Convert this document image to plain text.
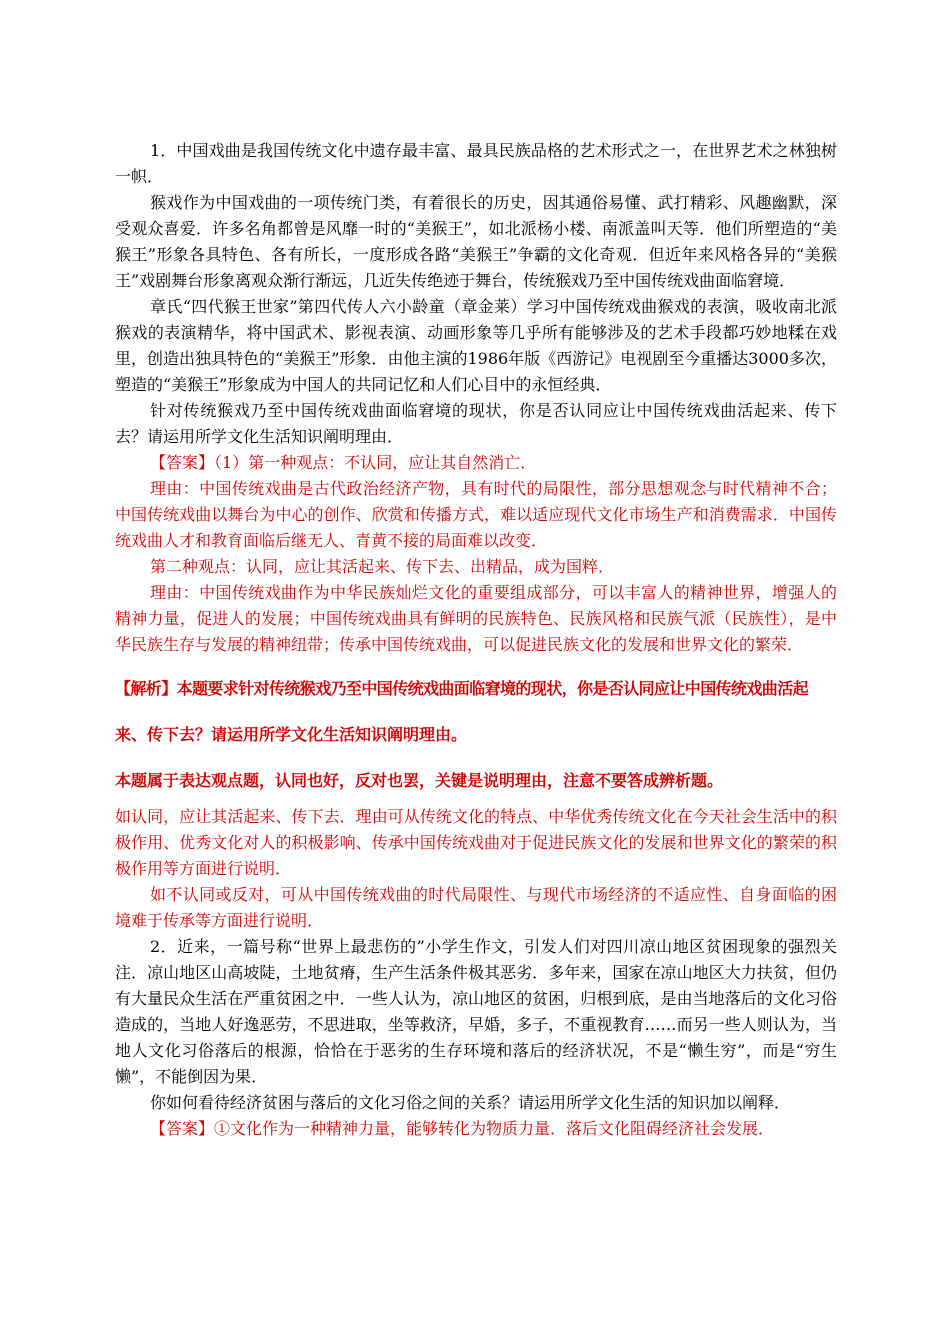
1．中国戏曲是我国传统文化中遗存最丰富、最具民族品格的艺术形式之一，在世界艺术之林独树一帜．

猴戏作为中国戏曲的一项传统门类，有着很长的历史，因其通俗易懂、武打精彩、风趣幽默，深受观众喜爱．许多名角都曾是风靡一时的“美猴王”，如北派杨小楼、南派盖叫天等．他们所塑造的“美猴王”形象各具特色、各有所长，一度形成各路“美猴王”争霸的文化奇观．但近年来风格各异的“美猴王”戏剧舞台形象离观众渐行渐远，几近失传绝迹于舞台，传统猴戏乃至中国传统戏曲面临窘境．

章氏“四代猴王世家”第四代传人六小龄童（章金莱）学习中国传统戏曲猴戏的表演，吸收南北派猴戏的表演精华，将中国武术、影视表演、动画形象等几乎所有能够涉及的艺术手段都巧妙地糅在戏里，创造出独具特色的“美猴王”形象．由他主演的1986年版《西游记》电视剧至今重播达3000多次，塑造的“美猴王”形象成为中国人的共同记忆和人们心目中的永恒经典．

针对传统猴戏乃至中国传统戏曲面临窘境的现状，你是否认同应让中国传统戏曲活起来、传下去？请运用所学文化生活知识阐明理由．

【答案】（1）第一种观点：不认同，应让其自然消亡．

理由：中国传统戏曲是古代政治经济产物，具有时代的局限性，部分思想观念与时代精神不合；中国传统戏曲以舞台为中心的创作、欣赏和传播方式，难以适应现代文化市场生产和消费需求．中国传统戏曲人才和教育面临后继无人、青黄不接的局面难以改变．

第二种观点：认同，应让其活起来、传下去、出精品，成为国粹．

理由：中国传统戏曲作为中华民族灿烂文化的重要组成部分，可以丰富人的精神世界，增强人的精神力量，促进人的发展；中国传统戏曲具有鲜明的民族特色、民族风格和民族气派（民族性），是中华民族生存与发展的精神纽带；传承中国传统戏曲，可以促进民族文化的发展和世界文化的繁荣．

【解析】本题要求针对传统猴戏乃至中国传统戏曲面临窘境的现状，你是否认同应让中国传统戏曲活起

来、传下去？请运用所学文化生活知识阐明理由。

本题属于表达观点题，认同也好，反对也罢，关键是说明理由，注意不要答成辨析题。

如认同，应让其活起来、传下去．理由可从传统文化的特点、中华优秀传统文化在今天社会生活中的积极作用、优秀文化对人的积极影响、传承中国传统戏曲对于促进民族文化的发展和世界文化的繁荣的积极作用等方面进行说明．

如不认同或反对，可从中国传统戏曲的时代局限性、与现代市场经济的不适应性、自身面临的困境难于传承等方面进行说明．

2．近来，一篇号称“世界上最悲伤的”小学生作文，引发人们对四川凉山地区贫困现象的强烈关注．凉山地区山高坡陡，土地贫瘠，生产生活条件极其恶劣．多年来，国家在凉山地区大力扶贫，但仍有大量民众生活在严重贫困之中．一些人认为，凉山地区的贫困，归根到底，是由当地落后的文化习俗造成的，当地人好逸恶劳，不思进取，坐等救济，早婚，多子，不重视教育……而另一些人则认为，当地人文化习俗落后的根源，恰恰在于恶劣的生存环境和落后的经济状况，不是“懒生穷”，而是“穷生懒”，不能倒因为果．

你如何看待经济贫困与落后的文化习俗之间的关系？请运用所学文化生活的知识加以阐释．

【答案】①文化作为一种精神力量，能够转化为物质力量．落后文化阻碍经济社会发展．
